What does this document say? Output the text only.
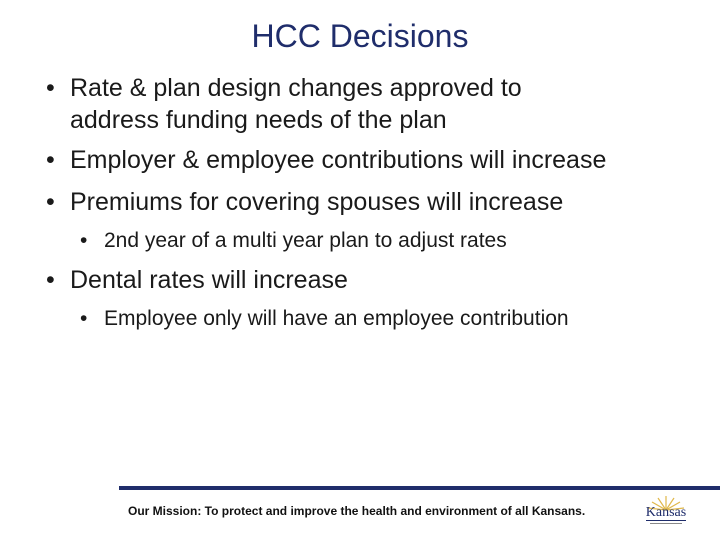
HCC Decisions
• Rate & plan design changes approved to
address funding needs of the plan
• Employer & employee contributions will increase
• Premiums for covering spouses will increase
• 2nd year of a multi year plan to adjust rates
• Dental rates will increase
• Employee only will have an employee contribution
Our Mission: To protect and improve the health and environment of all Kansans.	Kansas
